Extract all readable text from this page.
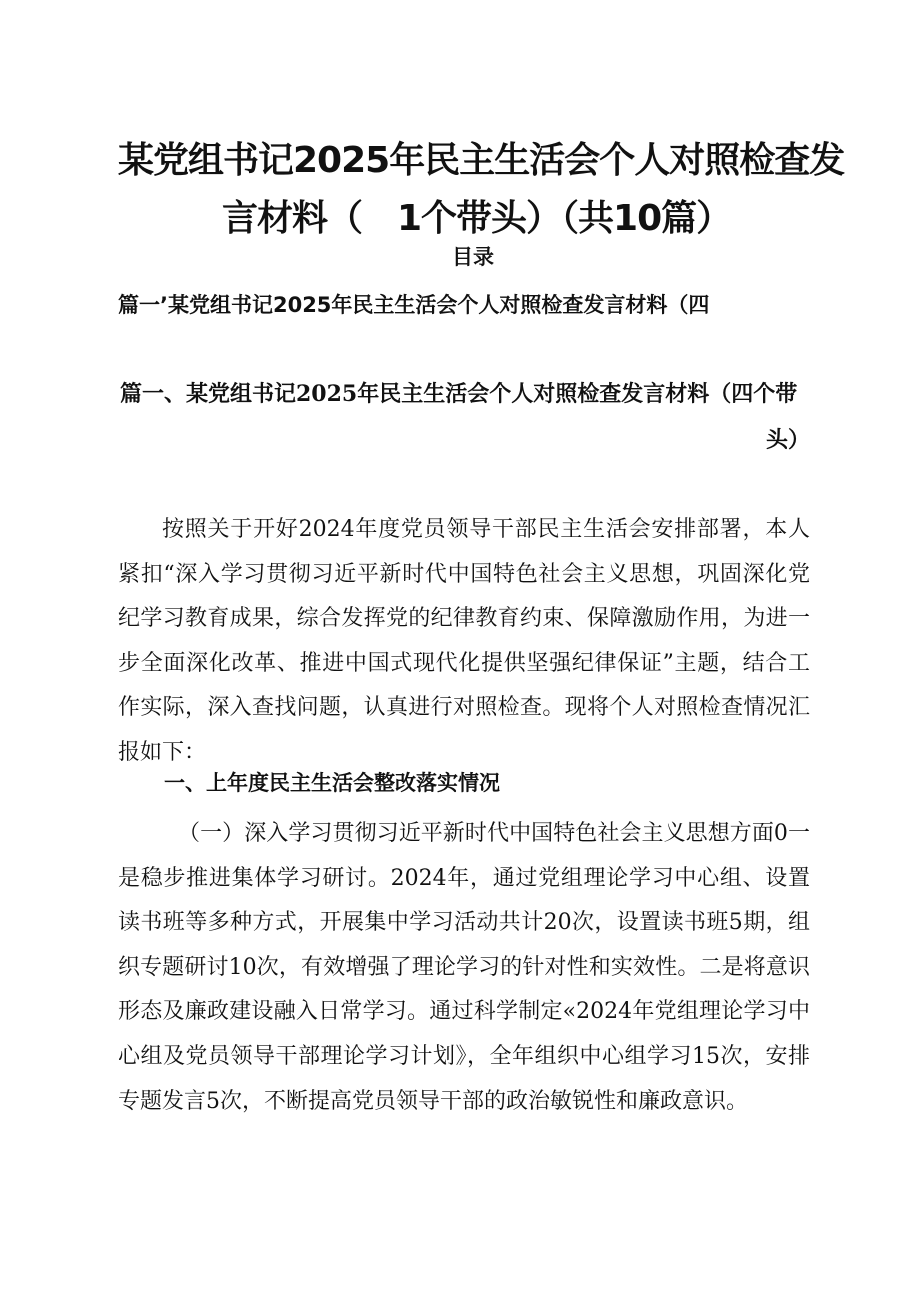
某党组书记2025年民主生活会个人对照检查发
言材料（　1个带头）（共10篇）
目录
篇一’某党组书记2025年民主生活会个人对照检查发言材料（四
篇一、某党组书记2025年民主生活会个人对照检查发言材料（四个带
头）

按照关于开好2024年度党员领导干部民主生活会安排部署，本人紧扣“深入学习贯彻习近平新时代中国特色社会主义思想，巩固深化党纪学习教育成果，综合发挥党的纪律教育约束、保障激励作用，为进一步全面深化改革、推进中国式现代化提供坚强纪律保证”主题，结合工作实际，深入查找问题，认真进行对照检查。现将个人对照检查情况汇报如下：

一、上年度民主生活会整改落实情况

（一）深入学习贯彻习近平新时代中国特色社会主义思想方面0一是稳步推进集体学习研讨。2024年，通过党组理论学习中心组、设置读书班等多种方式，开展集中学习活动共计20次，设置读书班5期，组织专题研讨10次，有效增强了理论学习的针对性和实效性。二是将意识形态及廉政建设融入日常学习。通过科学制定«2024年党组理论学习中心组及党员领导干部理论学习计划》，全年组织中心组学习15次，安排专题发言5次，不断提高党员领导干部的政治敏锐性和廉政意识。
